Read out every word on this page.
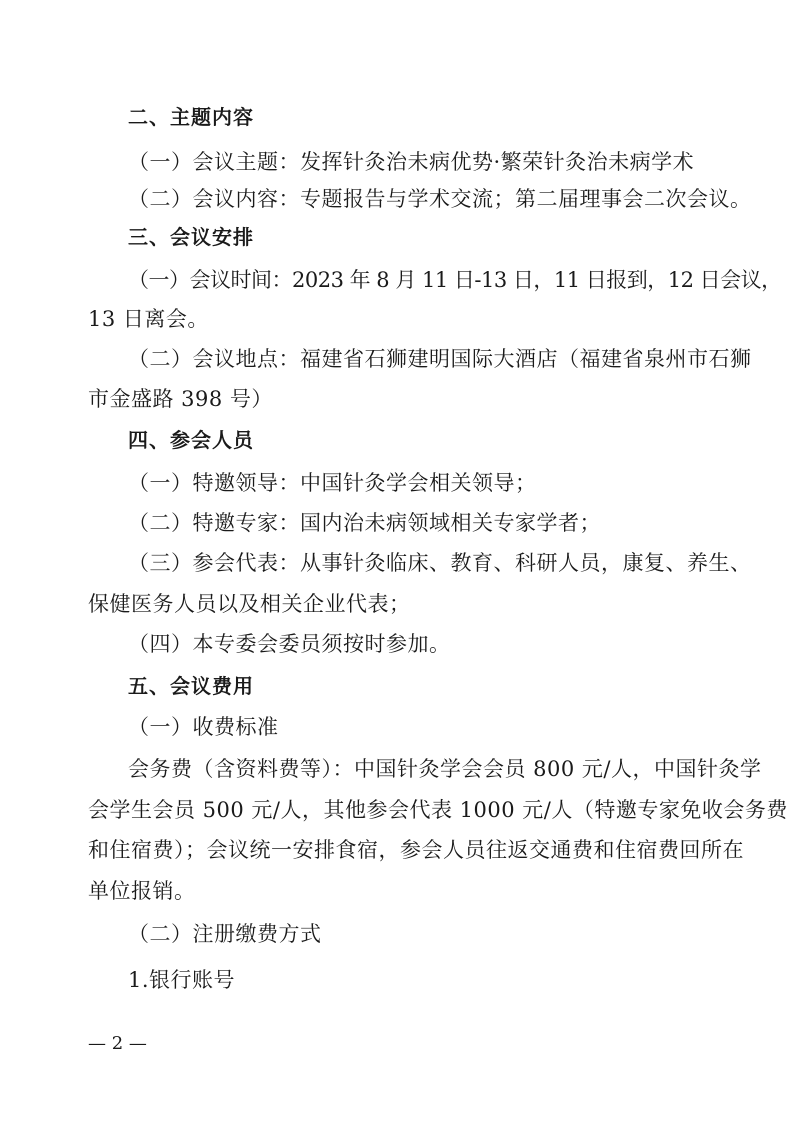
二、主题内容
（一）会议主题：发挥针灸治未病优势·繁荣针灸治未病学术
（二）会议内容：专题报告与学术交流；第二届理事会二次会议。
三、会议安排
（一）会议时间：2023 年 8 月 11 日-13 日，11 日报到，12 日会议，
13 日离会。
（二）会议地点：福建省石狮建明国际大酒店（福建省泉州市石狮
市金盛路 398 号）
四、参会人员
（一）特邀领导：中国针灸学会相关领导；
（二）特邀专家：国内治未病领域相关专家学者；
（三）参会代表：从事针灸临床、教育、科研人员，康复、养生、
保健医务人员以及相关企业代表；
（四）本专委会委员须按时参加。
五、会议费用
（一）收费标准
会务费（含资料费等）：中国针灸学会会员 800 元/人，中国针灸学
会学生会员 500 元/人，其他参会代表 1000 元/人（特邀专家免收会务费
和住宿费）；会议统一安排食宿，参会人员往返交通费和住宿费回所在
单位报销。
（二）注册缴费方式
1.银行账号
— 2 —
